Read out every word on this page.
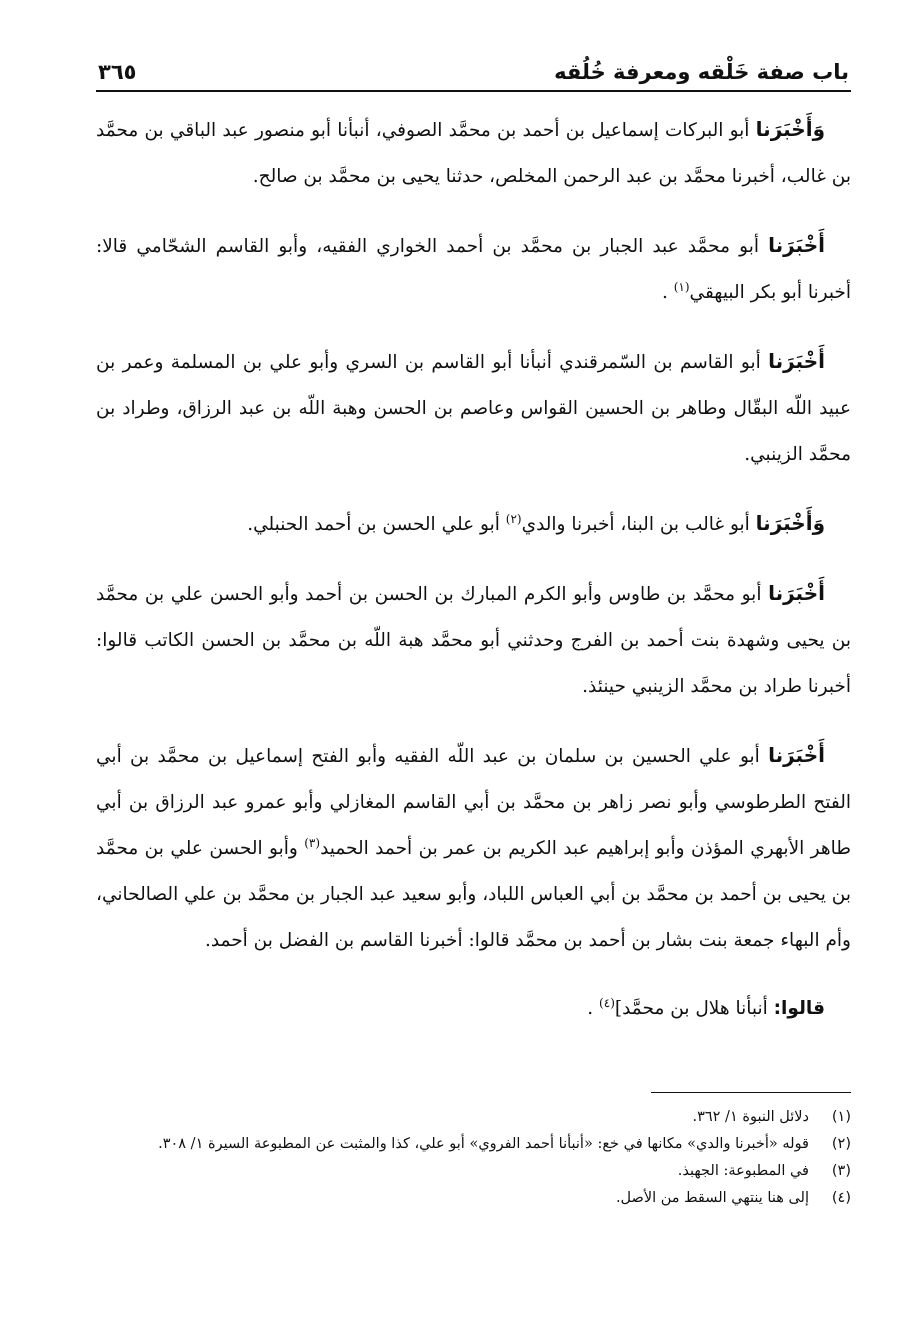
باب صفة خَلْقه ومعرفة خُلُقه
٣٦٥

وَأَخْبَرَنا أبو البركات إسماعيل بن أحمد بن محمَّد الصوفي، أنبأنا أبو منصور عبد الباقي بن محمَّد بن غالب، أخبرنا محمَّد بن عبد الرحمن المخلص، حدثنا يحيى بن محمَّد بن صالح.

أَخْبَرَنا أبو محمَّد عبد الجبار بن محمَّد بن أحمد الخواري الفقيه، وأبو القاسم الشحّامي قالا: أخبرنا أبو بكر البيهقي$^{(١)}$ .

أَخْبَرَنا أبو القاسم بن السّمرقندي أنبأنا أبو القاسم بن السري وأبو علي بن المسلمة وعمر بن عبيد اللّه البقّال وطاهر بن الحسين القواس وعاصم بن الحسن وهبة اللّه بن عبد الرزاق، وطراد بن محمَّد الزينبي.

وَأَخْبَرَنا أبو غالب بن البنا، أخبرنا والدي$^{(٢)}$ أبو علي الحسن بن أحمد الحنبلي.

أَخْبَرَنا أبو محمَّد بن طاوس وأبو الكرم المبارك بن الحسن بن أحمد وأبو الحسن علي بن محمَّد بن يحيى وشهدة بنت أحمد بن الفرج وحدثني أبو محمَّد هبة اللّه بن محمَّد بن الحسن الكاتب قالوا: أخبرنا طراد بن محمَّد الزينبي حينئذ.

أَخْبَرَنا أبو علي الحسين بن سلمان بن عبد اللّه الفقيه وأبو الفتح إسماعيل بن محمَّد بن أبي الفتح الطرطوسي وأبو نصر زاهر بن محمَّد بن أبي القاسم المغازلي وأبو عمرو عبد الرزاق بن أبي طاهر الأبهري المؤذن وأبو إبراهيم عبد الكريم بن عمر بن أحمد الحميد$^{(٣)}$ وأبو الحسن علي بن محمَّد بن يحيى بن أحمد بن محمَّد بن أبي العباس اللباد، وأبو سعيد عبد الجبار بن محمَّد بن علي الصالحاني، وأم البهاء جمعة بنت بشار بن أحمد بن محمَّد قالوا: أخبرنا القاسم بن الفضل بن أحمد.

قالوا: أنبأنا هلال بن محمَّد]$^{(٤)}$ .

(١)
دلائل النبوة ١/ ٣٦٢.
(٢)
قوله «أخبرنا والدي» مكانها في خع: «أنبأنا أحمد الفروي» أبو علي، كذا والمثبت عن المطبوعة السيرة ١/ ٣٠٨.
(٣)
في المطبوعة: الجهبذ.
(٤)
إلى هنا ينتهي السقط من الأصل.
